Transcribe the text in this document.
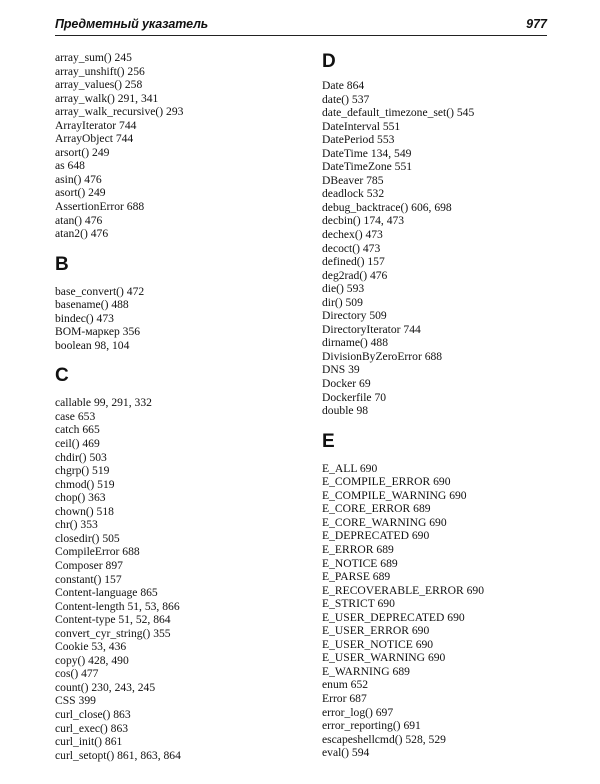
Предметный указатель	977
array_sum() 245
array_unshift() 256
array_values() 258
array_walk() 291, 341
array_walk_recursive() 293
ArrayIterator 744
ArrayObject 744
arsort() 249
as 648
asin() 476
asort() 249
AssertionError 688
atan() 476
atan2() 476
B
base_convert() 472
basename() 488
bindec() 473
BOM-маркер 356
boolean 98, 104
C
callable 99, 291, 332
case 653
catch 665
ceil() 469
chdir() 503
chgrp() 519
chmod() 519
chop() 363
chown() 518
chr() 353
closedir() 505
CompileError 688
Composer 897
constant() 157
Content-language 865
Content-length 51, 53, 866
Content-type 51, 52, 864
convert_cyr_string() 355
Cookie 53, 436
copy() 428, 490
cos() 477
count() 230, 243, 245
CSS 399
curl_close() 863
curl_exec() 863
curl_init() 861
curl_setopt() 861, 863, 864
D
Date 864
date() 537
date_default_timezone_set() 545
DateInterval 551
DatePeriod 553
DateTime 134, 549
DateTimeZone 551
DBeaver 785
deadlock 532
debug_backtrace() 606, 698
decbin() 174, 473
dechex() 473
decoct() 473
defined() 157
deg2rad() 476
die() 593
dir() 509
Directory 509
DirectoryIterator 744
dirname() 488
DivisionByZeroError 688
DNS 39
Docker 69
Dockerfile 70
double 98
E
E_ALL 690
E_COMPILE_ERROR 690
E_COMPILE_WARNING 690
E_CORE_ERROR 689
E_CORE_WARNING 690
E_DEPRECATED 690
E_ERROR 689
E_NOTICE 689
E_PARSE 689
E_RECOVERABLE_ERROR 690
E_STRICT 690
E_USER_DEPRECATED 690
E_USER_ERROR 690
E_USER_NOTICE 690
E_USER_WARNING 690
E_WARNING 689
enum 652
Error 687
error_log() 697
error_reporting() 691
escapeshellcmd() 528, 529
eval() 594
